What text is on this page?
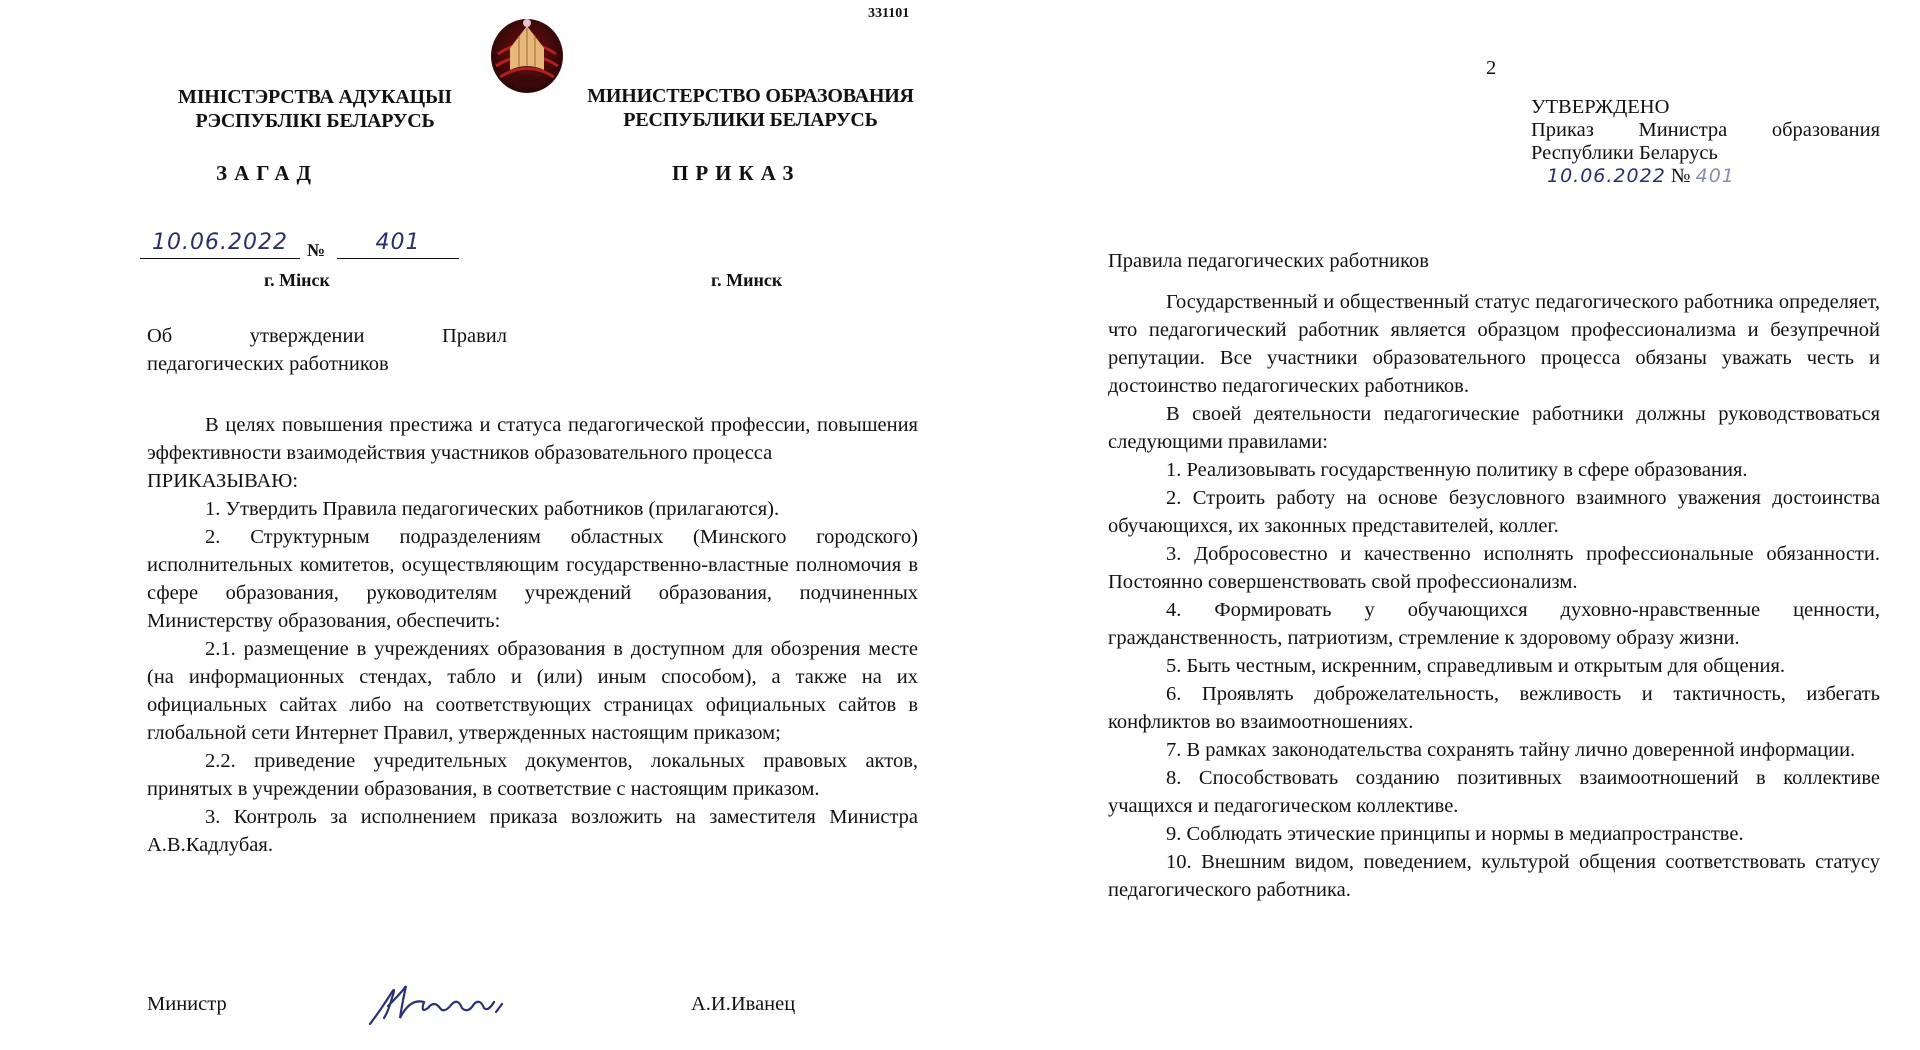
331101
МІНІСТЭРСТВА АДУКАЦЫІ
РЭСПУБЛІКІ БЕЛАРУСЬ
МИНИСТЕРСТВО ОБРАЗОВАНИЯ
РЕСПУБЛИКИ БЕЛАРУСЬ
ЗАГАД	ПРИКАЗ
10.06.2022	№	401
г. Мінск	г. Минск
Об	утверждении	Правил
педагогических работников

В целях повышения престижа и статуса педагогической профессии, повышения эффективности взаимодействия участников образовательного процесса

ПРИКАЗЫВАЮ:

1. Утвердить Правила педагогических работников (прилагаются).

2. Структурным подразделениям областных (Минского городского) исполнительных комитетов, осуществляющим государственно-властные полномочия в сфере образования, руководителям учреждений образования, подчиненных Министерству образования, обеспечить:

2.1. размещение в учреждениях образования в доступном для обозрения месте (на информационных стендах, табло и (или) иным способом), а также на их официальных сайтах либо на соответствующих страницах официальных сайтов в глобальной сети Интернет Правил, утвержденных настоящим приказом;

2.2. приведение учредительных документов, локальных правовых актов, принятых в учреждении образования, в соответствие с настоящим приказом.

3. Контроль за исполнением приказа возложить на заместителя Министра А.В.Кадлубая.

Министр	А.И.Иванец
2
УТВЕРЖДЕНО
Приказ Министра образования
Республики Беларусь
10.06.2022 № 401
Правила педагогических работников

Государственный и общественный статус педагогического работника определяет, что педагогический работник является образцом профессионализма и безупречной репутации. Все участники образовательного процесса обязаны уважать честь и достоинство педагогических работников.

В своей деятельности педагогические работники должны руководствоваться следующими правилами:

1. Реализовывать государственную политику в сфере образования.

2. Строить работу на основе безусловного взаимного уважения достоинства обучающихся, их законных представителей, коллег.

3. Добросовестно и качественно исполнять профессиональные обязанности. Постоянно совершенствовать свой профессионализм.

4. Формировать у обучающихся духовно-нравственные ценности, гражданственность, патриотизм, стремление к здоровому образу жизни.

5. Быть честным, искренним, справедливым и открытым для общения.

6. Проявлять доброжелательность, вежливость и тактичность, избегать конфликтов во взаимоотношениях.

7. В рамках законодательства сохранять тайну лично доверенной информации.

8. Способствовать созданию позитивных взаимоотношений в коллективе учащихся и педагогическом коллективе.

9. Соблюдать этические принципы и нормы в медиапространстве.

10. Внешним видом, поведением, культурой общения соответствовать статусу педагогического работника.
